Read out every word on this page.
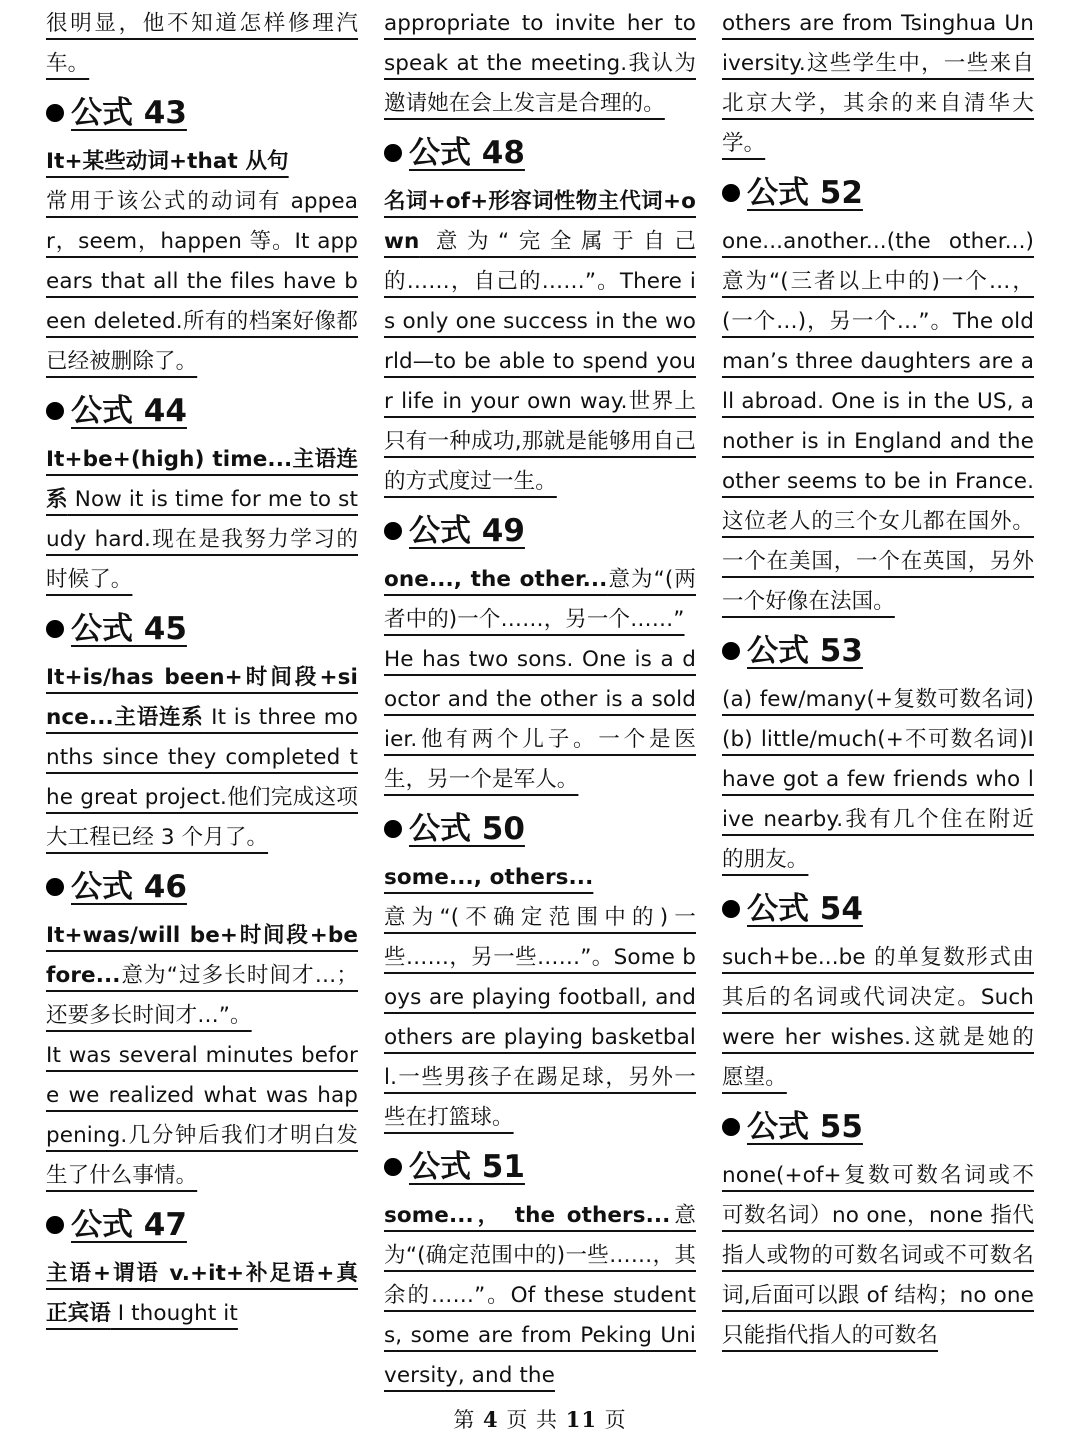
很明显，他不知道怎样修理汽车。

公式 43

It+某些动词+that 从句

常用于该公式的动词有 appear，seem，happen 等。It appears that all the files have been deleted.所有的档案好像都已经被删除了。

公式 44

It+be+(high) time...主语连系 Now it is time for me to study hard.现在是我努力学习的时候了。

公式 45

It+is/has been+时间段+since...主语连系 It is three months since they completed the great project.他们完成这项大工程已经 3 个月了。

公式 46

It+was/will be+时间段+before...意为“过多长时间才…；还要多长时间才…”。

It was several minutes before we realized what was happening.几分钟后我们才明白发生了什么事情。

公式 47

主语+谓语 v.+it+补足语+真正宾语 I thought it

appropriate to invite her to speak at the meeting.我认为邀请她在会上发言是合理的。

公式 48

名词+of+形容词性物主代词+own 意为“完全属于自己的……，自己的……”。There is only one success in the world—to be able to spend your life in your own way.世界上只有一种成功,那就是能够用自己的方式度过一生。

公式 49

one..., the other...意为“(两者中的)一个……，另一个……”

He has two sons. One is a doctor and the other is a soldier.他有两个儿子。一个是医生，另一个是军人。

公式 50

some..., others...

意为“(不确定范围中的)一些……，另一些……”。Some boys are playing football, and others are playing basketball.一些男孩子在踢足球，另外一些在打篮球。

公式 51

some...， the others...意为“(确定范围中的)一些……，其余的……”。Of these students, some are from Peking University, and the

others are from Tsinghua University.这些学生中，一些来自北京大学，其余的来自清华大学。

公式 52

one...another...(the other...)意为“(三者以上中的)一个…，(一个…)，另一个…”。The old man’s three daughters are all abroad. One is in the US, another is in England and the other seems to be in France.这位老人的三个女儿都在国外。一个在美国，一个在英国，另外一个好像在法国。

公式 53

(a) few/many(+复数可数名词)(b) little/much(+不可数名词)I have got a few friends who live nearby.我有几个住在附近的朋友。

公式 54

such+be...be 的单复数形式由其后的名词或代词决定。Such were her wishes.这就是她的愿望。

公式 55

none(+of+复数可数名词或不可数名词）no one，none 指代指人或物的可数名词或不可数名词,后面可以跟 of 结构；no one 只能指代指人的可数名

第 4 页 共 11 页
